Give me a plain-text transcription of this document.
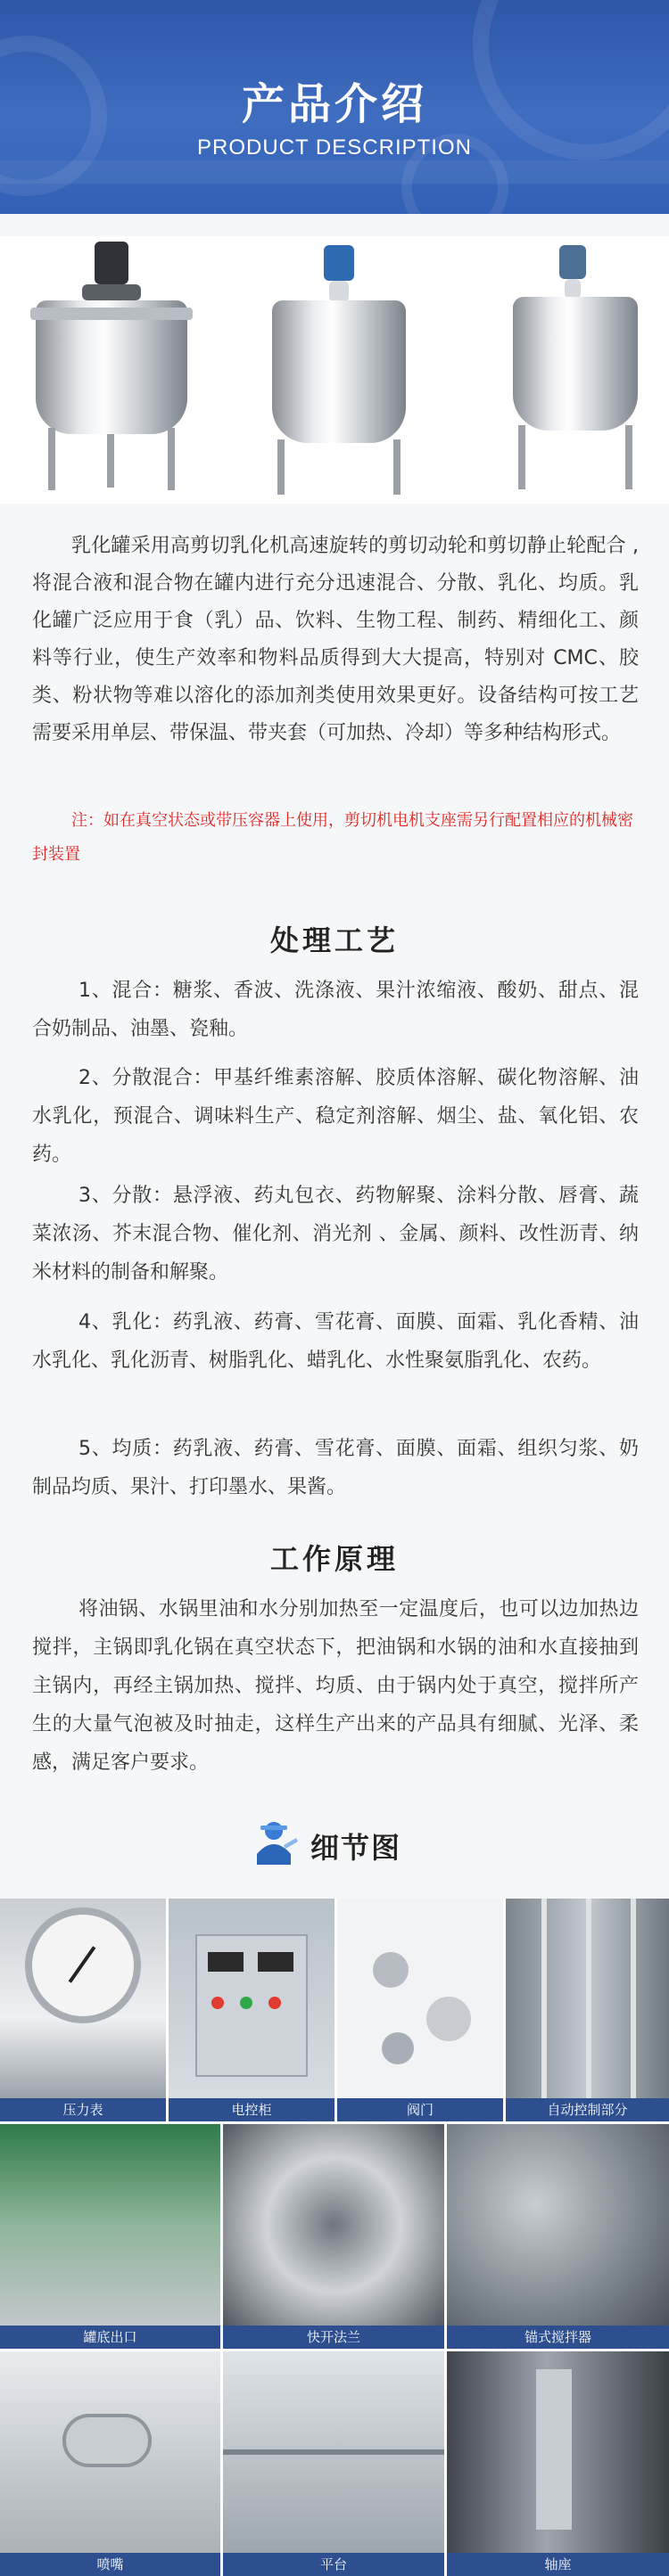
产品介绍
PRODUCT DESCRIPTION

乳化罐采用高剪切乳化机高速旋转的剪切动轮和剪切静止轮配合 ,将混合液和混合物在罐内进行充分迅速混合、分散、乳化、均质。乳化罐广泛应用于食（乳）品、饮料、生物工程、制药、精细化工、颜料等行业，使生产效率和物料品质得到大大提高，特别对 CMC、胶类、粉状物等难以溶化的添加剂类使用效果更好。设备结构可按工艺需要采用单层、带保温、带夹套（可加热、冷却）等多种结构形式。

注：如在真空状态或带压容器上使用，剪切机电机支座需另行配置相应的机械密封装置

处理工艺

1、混合：糖浆、香波、洗涤液、果汁浓缩液、酸奶、甜点、混合奶制品、油墨、瓷釉。

2、分散混合：甲基纤维素溶解、胶质体溶解、碳化物溶解、油水乳化，预混合、调味料生产、稳定剂溶解、烟尘、盐、氧化铝、农药。

3、分散：悬浮液、药丸包衣、药物解聚、涂料分散、唇膏、蔬菜浓汤、芥末混合物、催化剂、消光剂 、金属、颜料、改性沥青、纳米材料的制备和解聚。

4、乳化：药乳液、药膏、雪花膏、面膜、面霜、乳化香精、油水乳化、乳化沥青、树脂乳化、蜡乳化、水性聚氨脂乳化、农药。

5、均质：药乳液、药膏、雪花膏、面膜、面霜、组织匀浆、奶制品均质、果汁、打印墨水、果酱。

工作原理

将油锅、水锅里油和水分别加热至一定温度后，也可以边加热边搅拌，主锅即乳化锅在真空状态下，把油锅和水锅的油和水直接抽到主锅内，再经主锅加热、搅拌、均质、由于锅内处于真空，搅拌所产生的大量气泡被及时抽走，这样生产出来的产品具有细腻、光泽、柔感，满足客户要求。

细节图
压力表	电控柜	阀门	自动控制部分
罐底出口	快开法兰	锚式搅拌器
喷嘴	平台	轴座
